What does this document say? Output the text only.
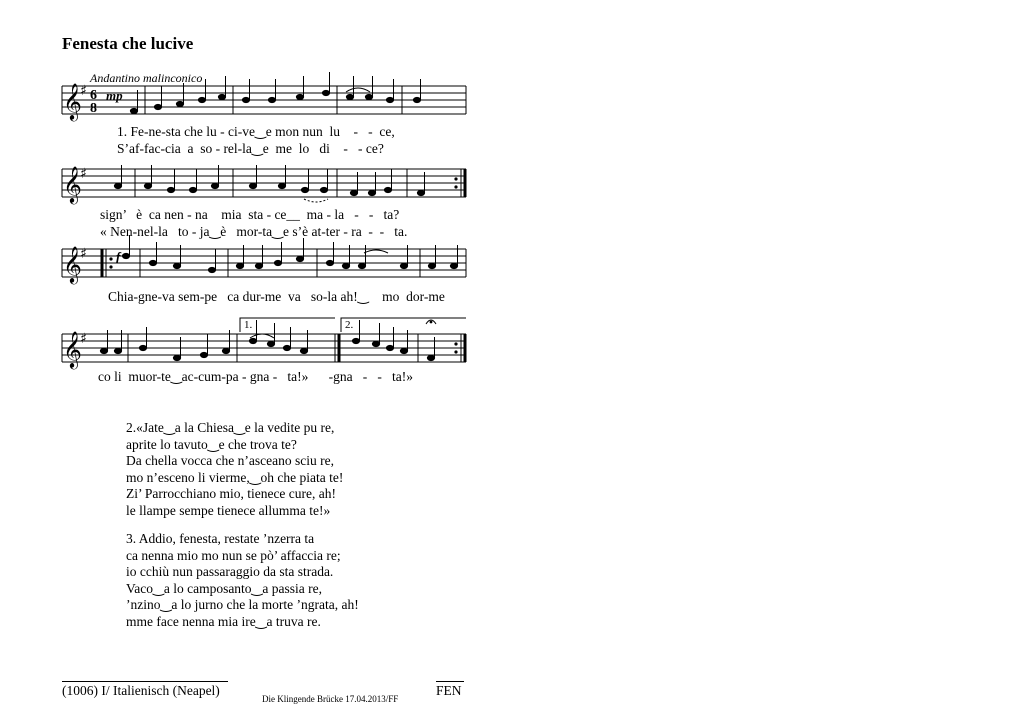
Fenesta che lucive
Andantino malinconico
𝄞
♯
𝄞
♯
𝄞
♯
𝄞
♯
6
8
mp
f
1.	2.
1. Fe-ne-sta che lu - ci-ve‿e mon nun  lu    -   -  ce,
S’af-fac-cia  a  so - rel-la‿e  me  lo   di    -   - ce?
sign’   è  ca nen - na    mia  sta - ce__  ma - la   -   -   ta?
« Nen-nel-la   to - ja‿è   mor-ta‿e s’è at-ter - ra  -  -   ta.
Chia-gne-va sem-pe   ca dur-me  va   so-la ah!‿    mo  dor-me
co li  muor-te‿ac-cum-pa - gna -   ta!»      -gna   -   -   ta!»
2.«Jate‿a la Chiesa‿e la vedite pu re,
aprite lo tavuto‿e che trova te?
Da chella vocca che n’asceano sciu re,
mo n’esceno li vierme,‿oh che piata te!
Zi’ Parrocchiano mio, tienece cure, ah!
le llampe sempe tienece allumma te!»
3. Addio, fenesta, restate ’nzerra ta
ca nenna mio mo nun se pò’ affaccia re;
io cchiù nun passaraggio da sta strada.
Vaco‿a lo camposanto‿a passia re,
’nzino‿a lo jurno che la morte ’ngrata, ah!
mme face nenna mia ire‿a truva re.
(1006) I/ Italienisch (Neapel)
Die Klingende Brücke 17.04.2013/FF
FEN
